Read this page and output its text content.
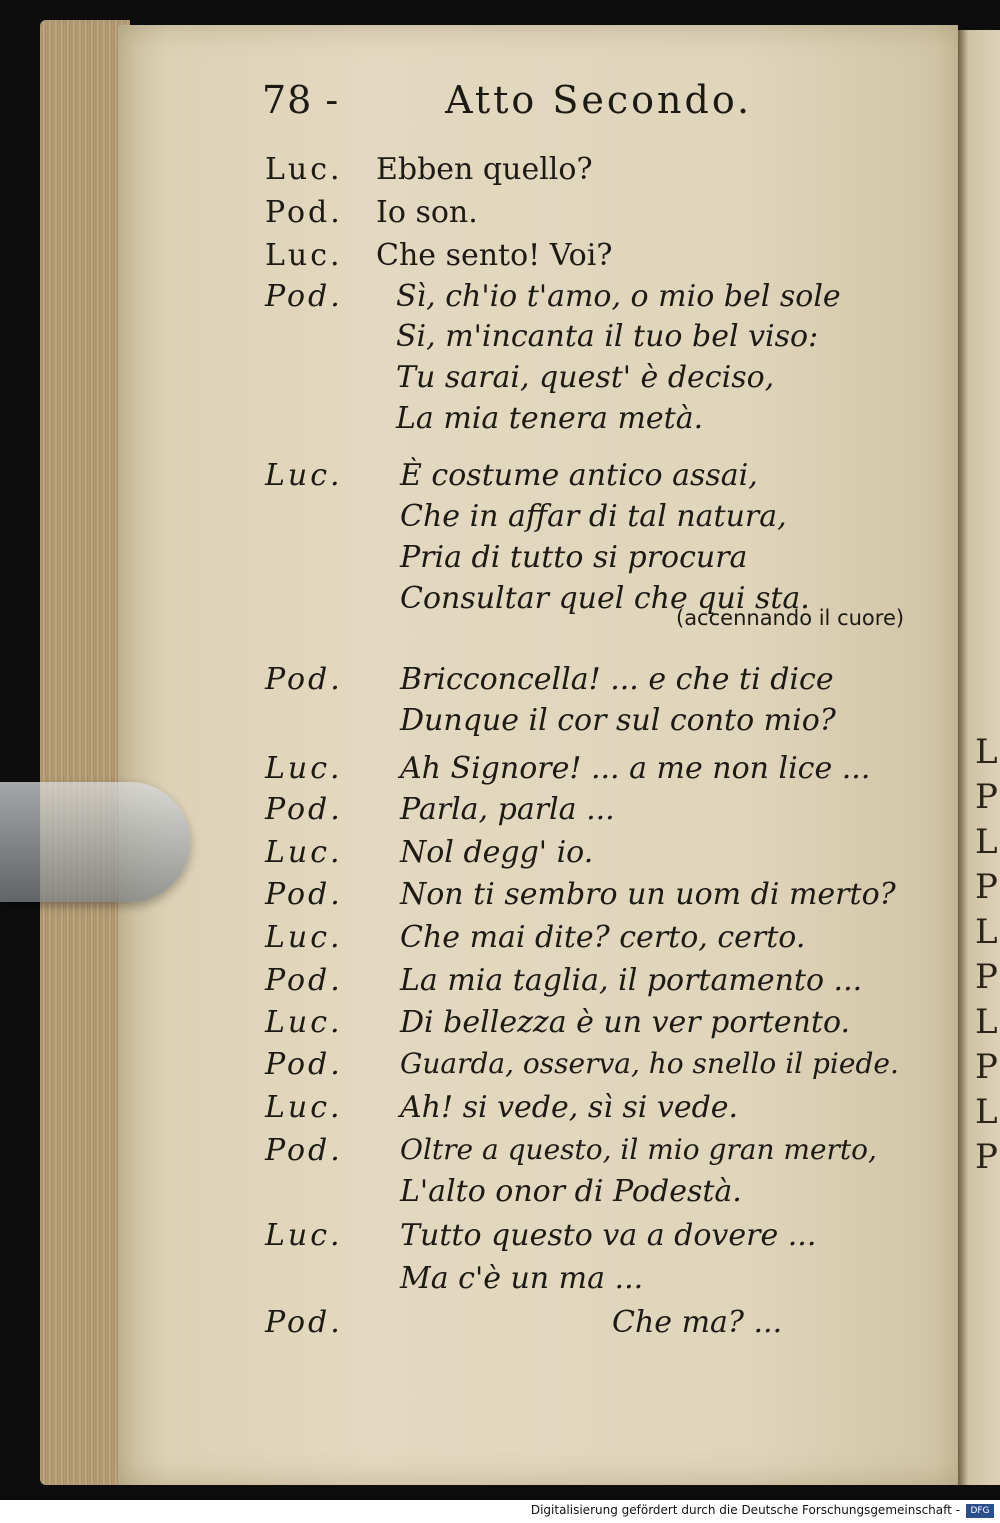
L
P
L
P
L
P
L
P
L
P
78 -	Atto Secondo.
Luc. Ebben quello?
Pod. Io son.
Luc. Che sento! Voi?
Pod. Sì, ch'io t'amo, o mio bel sole
Si, m'incanta il tuo bel viso:
Tu sarai, quest' è deciso,
La mia tenera metà.
Luc. È costume antico assai,
Che in affar di tal natura,
Pria di tutto si procura
Consultar quel che qui sta.
(accennando il cuore)
Pod. Bricconcella! ... e che ti dice
Dunque il cor sul conto mio?
Luc. Ah Signore! ... a me non lice ...
Pod. Parla, parla ...
Luc. Nol degg' io.
Pod. Non ti sembro un uom di merto?
Luc. Che mai dite? certo, certo.
Pod. La mia taglia, il portamento ...
Luc. Di bellezza è un ver portento.
Pod. Guarda, osserva, ho snello il piede.
Luc. Ah! si vede, sì si vede.
Pod. Oltre a questo, il mio gran merto,
L'alto onor di Podestà.
Luc. Tutto questo va a dovere ...
Ma c'è un ma ...
Pod.	Che ma? ...
Digitalisierung gefördert durch die Deutsche Forschungsgemeinschaft -	DFG
